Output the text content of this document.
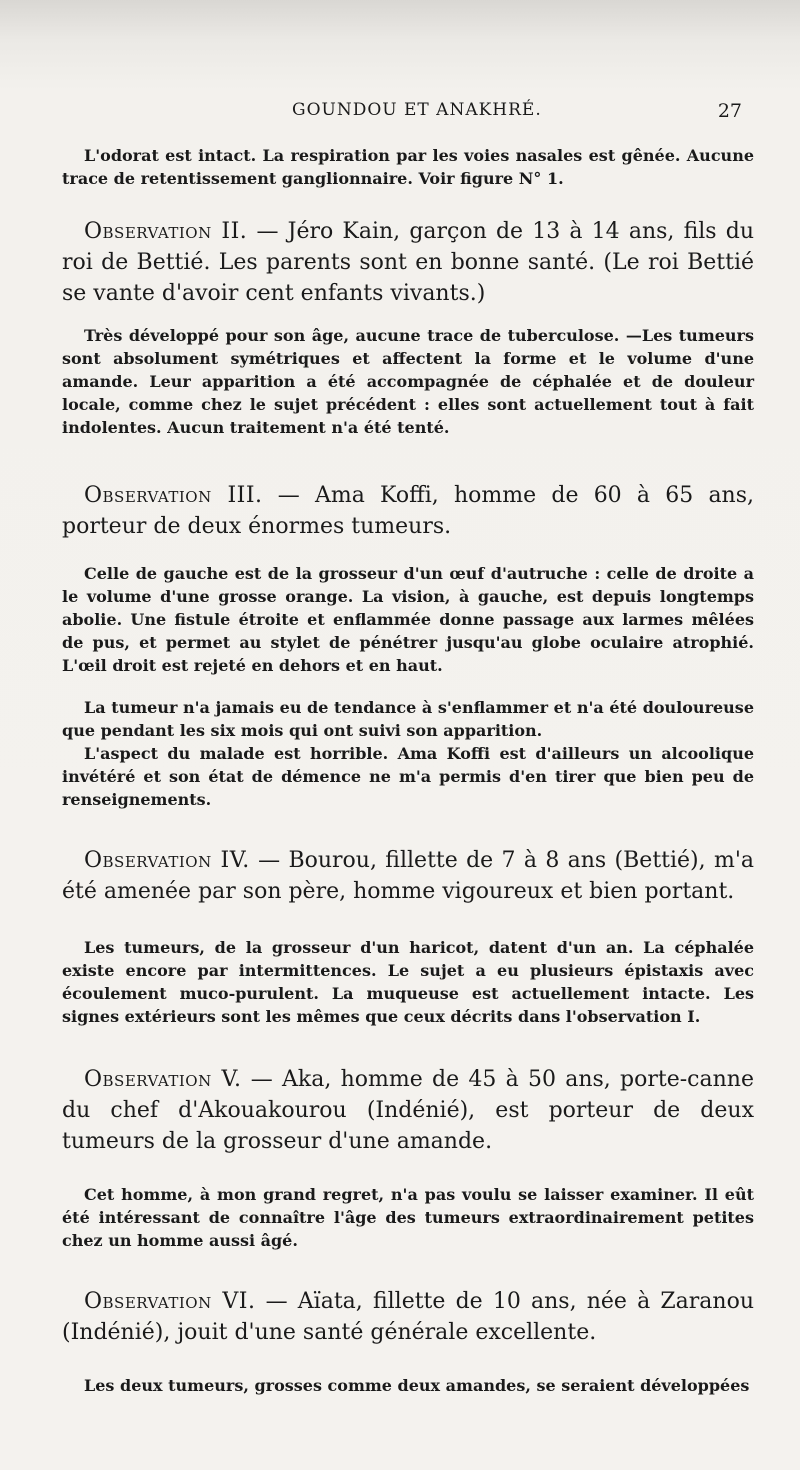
GOUNDOU ET ANAKHRÉ.	27

L'odorat est intact. La respiration par les voies nasales est gênée. Aucune trace de retentissement ganglionnaire. Voir figure N° 1.

Observation II. — Jéro Kain, garçon de 13 à 14 ans, fils du roi de Bettié. Les parents sont en bonne santé. (Le roi Bettié se vante d'avoir cent enfants vivants.)

Très développé pour son âge, aucune trace de tuberculose. —Les tumeurs sont absolument symétriques et affectent la forme et le volume d'une amande. Leur apparition a été accompagnée de céphalée et de douleur locale, comme chez le sujet précédent : elles sont actuellement tout à fait indolentes. Aucun traitement n'a été tenté.

Observation III. — Ama Koffi, homme de 60 à 65 ans, porteur de deux énormes tumeurs.

Celle de gauche est de la grosseur d'un œuf d'autruche : celle de droite a le volume d'une grosse orange. La vision, à gauche, est depuis longtemps abolie. Une fistule étroite et enflammée donne passage aux larmes mêlées de pus, et permet au stylet de pénétrer jusqu'au globe oculaire atrophié. L'œil droit est rejeté en dehors et en haut.

La tumeur n'a jamais eu de tendance à s'enflammer et n'a été douloureuse que pendant les six mois qui ont suivi son apparition.

L'aspect du malade est horrible. Ama Koffi est d'ailleurs un alcoolique invétéré et son état de démence ne m'a permis d'en tirer que bien peu de renseignements.

Observation IV. — Bourou, fillette de 7 à 8 ans (Bettié), m'a été amenée par son père, homme vigoureux et bien portant.

Les tumeurs, de la grosseur d'un haricot, datent d'un an. La céphalée existe encore par intermittences. Le sujet a eu plusieurs épistaxis avec écoulement muco-purulent. La muqueuse est actuellement intacte. Les signes extérieurs sont les mêmes que ceux décrits dans l'observation I.

Observation V. — Aka, homme de 45 à 50 ans, porte-canne du chef d'Akouakourou (Indénié), est porteur de deux tumeurs de la grosseur d'une amande.

Cet homme, à mon grand regret, n'a pas voulu se laisser examiner. Il eût été intéressant de connaître l'âge des tumeurs extraordinairement petites chez un homme aussi âgé.

Observation VI. — Aïata, fillette de 10 ans, née à Zaranou (Indénié), jouit d'une santé générale excellente.

Les deux tumeurs, grosses comme deux amandes, se seraient développées
